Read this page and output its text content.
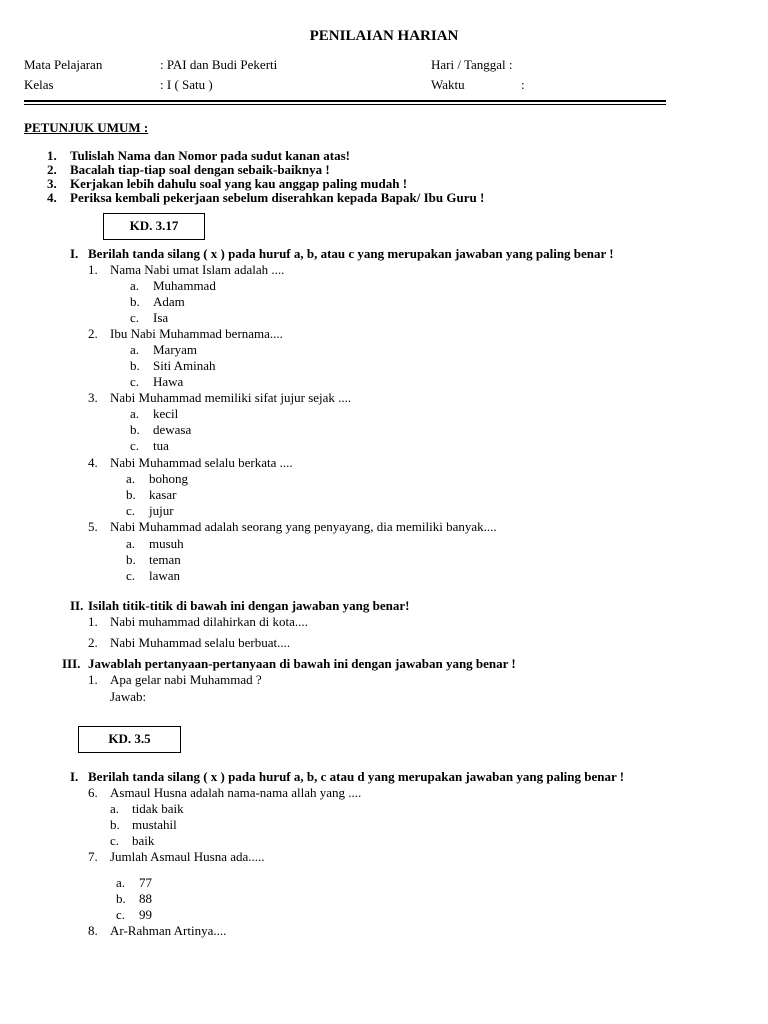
PENILAIAN HARIAN
Mata Pelajaran	: PAI dan Budi Pekerti	Hari / Tanggal :
Kelas	: I ( Satu )	Waktu	:
PETUNJUK UMUM :
1. Tulislah Nama dan Nomor pada sudut kanan atas!
2. Bacalah tiap-tiap soal dengan sebaik-baiknya !
3. Kerjakan lebih dahulu soal yang kau anggap paling mudah !
4. Periksa kembali pekerjaan sebelum diserahkan kepada Bapak/ Ibu Guru !
KD. 3.17
I. Berilah tanda silang ( x ) pada huruf a, b, atau c yang merupakan jawaban yang paling benar !
1. Nama Nabi umat Islam adalah ....
a. Muhammad
b. Adam
c. Isa
2. Ibu Nabi Muhammad bernama....
a. Maryam
b. Siti Aminah
c. Hawa
3. Nabi Muhammad memiliki sifat jujur sejak ....
a. kecil
b. dewasa
c. tua
4. Nabi Muhammad selalu berkata ....
a. bohong
b. kasar
c. jujur
5. Nabi Muhammad adalah seorang yang penyayang, dia memiliki banyak....
a. musuh
b. teman
c. lawan
II. Isilah titik-titik di bawah ini dengan jawaban yang benar!
1. Nabi muhammad dilahirkan di kota....
2. Nabi Muhammad selalu berbuat....
III. Jawablah pertanyaan-pertanyaan di bawah ini dengan jawaban yang benar !
1. Apa gelar nabi Muhammad ?
Jawab:
KD. 3.5
I. Berilah tanda silang ( x ) pada huruf a, b, c atau d yang merupakan jawaban yang paling benar !
6. Asmaul Husna adalah nama-nama allah yang ....
a. tidak baik
b. mustahil
c. baik
7. Jumlah Asmaul Husna ada.....
a. 77
b. 88
c. 99
8. Ar-Rahman Artinya....
